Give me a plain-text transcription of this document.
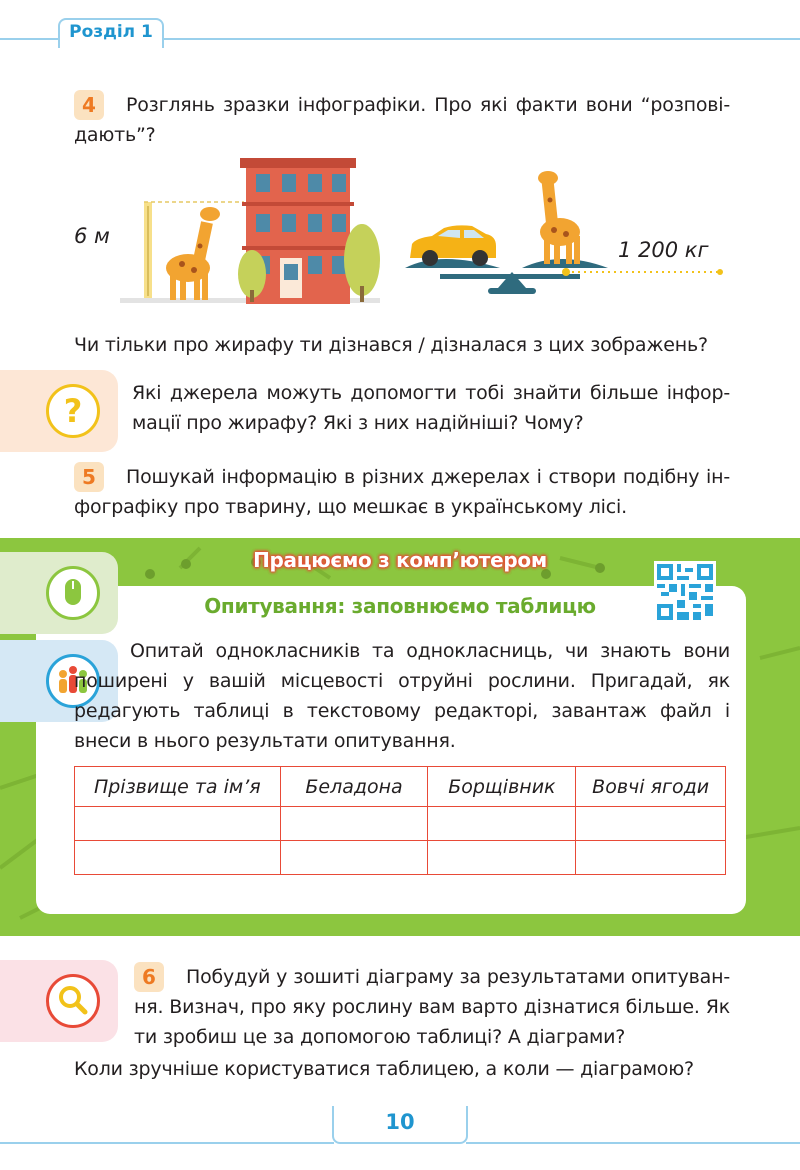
Розділ 1
4	Розглянь зразки інфографіки. Про які факти вони “розпові-дають”?
6 м
1 200 кг
Чи тільки про жирафу ти дізнався / дізналася з цих зображень?
?	Які джерела можуть допомогти тобі знайти більше інфор-мації про жирафу? Які з них надійніші? Чому?
5	Пошукай інформацію в різних джерелах і створи подібну ін-фографіку про тварину, що мешкає в українському лісі.
Працюємо з комп’ютером
Опитування: заповнюємо таблицю
Опитай однокласників та однокласниць, чи знають вони поширені у вашій місцевості отруйні рослини. Пригадай, як редагують таблиці в текстовому редакторі, завантаж файл і внеси в нього результати опитування.
Прізвище та ім’я	Беладона	Борщівник	Вовчі ягоди

6	Побудуй у зошиті діаграму за результатами опитуван-ня. Визнач, про яку рослину вам варто дізнатися більше. Як ти зробиш це за допомогою таблиці? А діаграми?
Коли зручніше користуватися таблицею, а коли — діаграмою?
10
